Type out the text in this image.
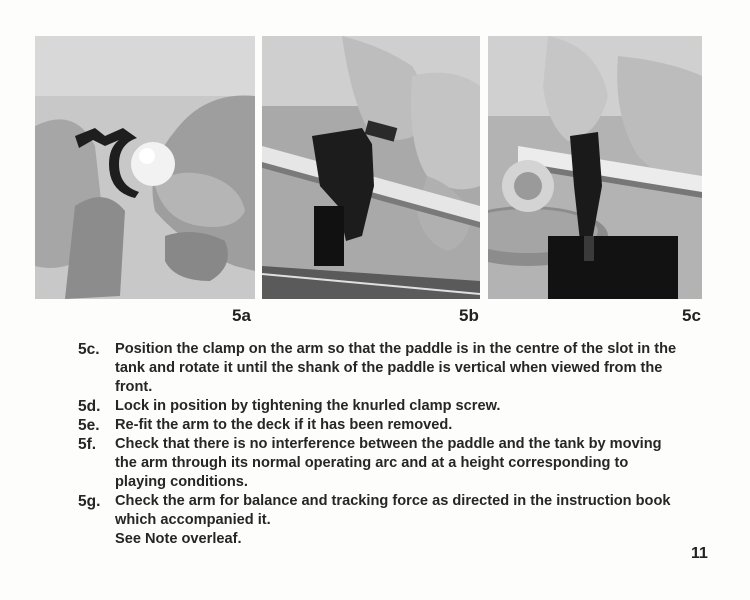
5a	5b	5c
5c. Position the clamp on the arm so that the paddle is in the centre of the slot in the tank and rotate it until the shank of the paddle is vertical when viewed from the front.
5d. Lock in position by tightening the knurled clamp screw.
5e. Re-fit the arm to the deck if it has been removed.
5f. Check that there is no interference between the paddle and the tank by moving the arm through its normal operating arc and at a height corresponding to playing conditions.
5g. Check the arm for balance and tracking force as directed in the instruction book which accompanied it.
See Note overleaf.
11
